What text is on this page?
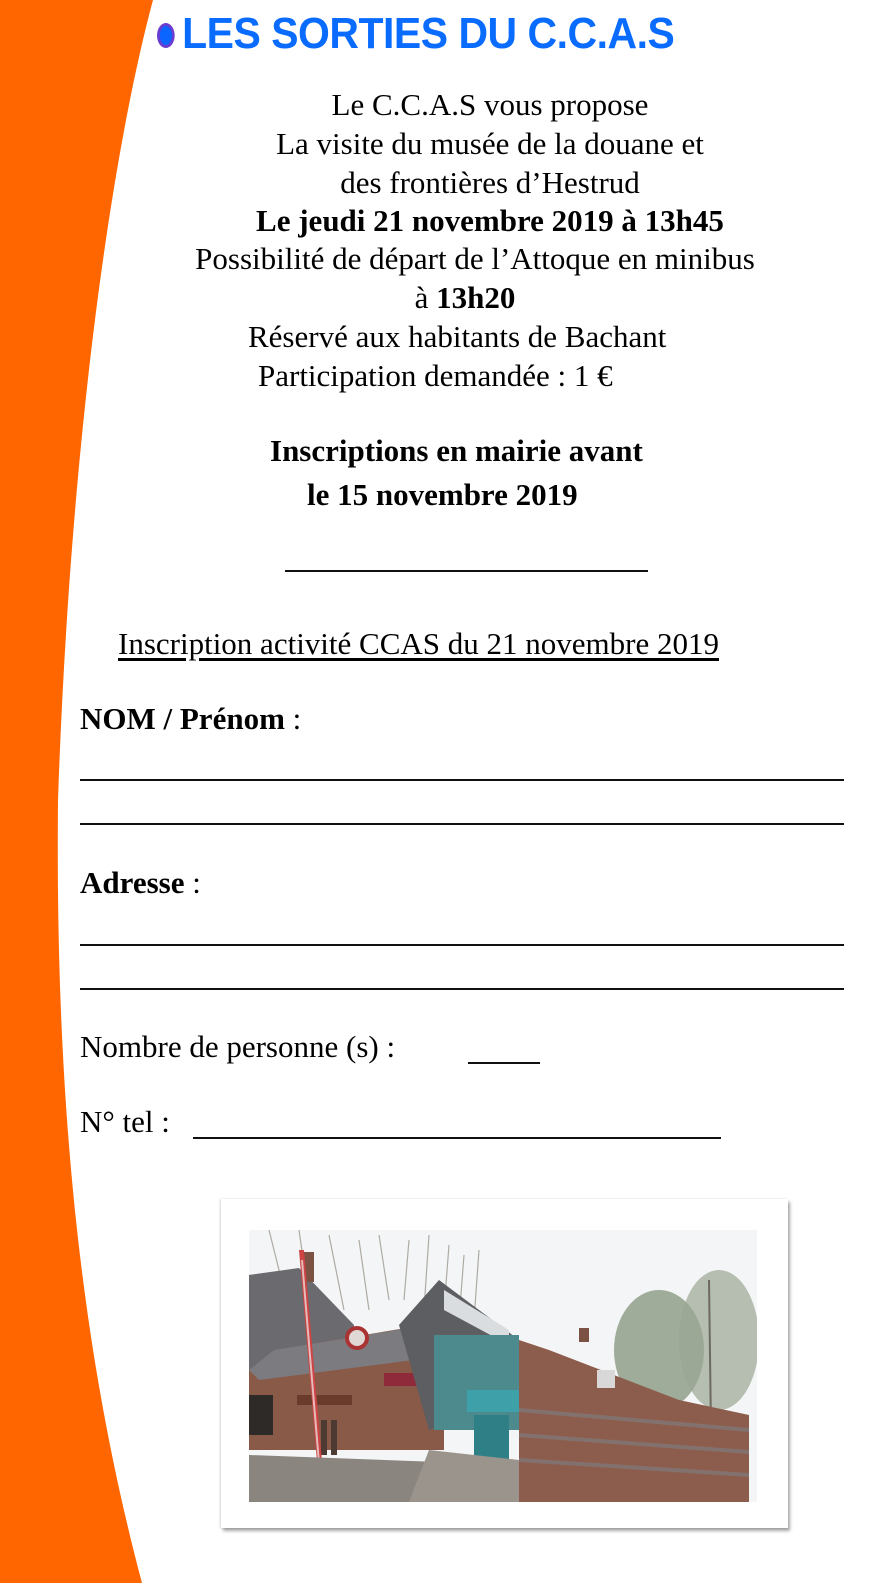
LES SORTIES DU C.C.A.S
Le C.C.A.S vous propose
La visite du musée de la douane et
des frontières d’Hestrud
Le jeudi 21 novembre 2019 à 13h45
Possibilité de départ de l’Attoque en minibus
à 13h20
Réservé aux habitants de Bachant
Participation demandée : 1 €
Inscriptions en mairie avant
le 15 novembre 2019
Inscription activité CCAS du 21 novembre 2019
NOM / Prénom :
Adresse :
Nombre de personne (s) :
N° tel :
